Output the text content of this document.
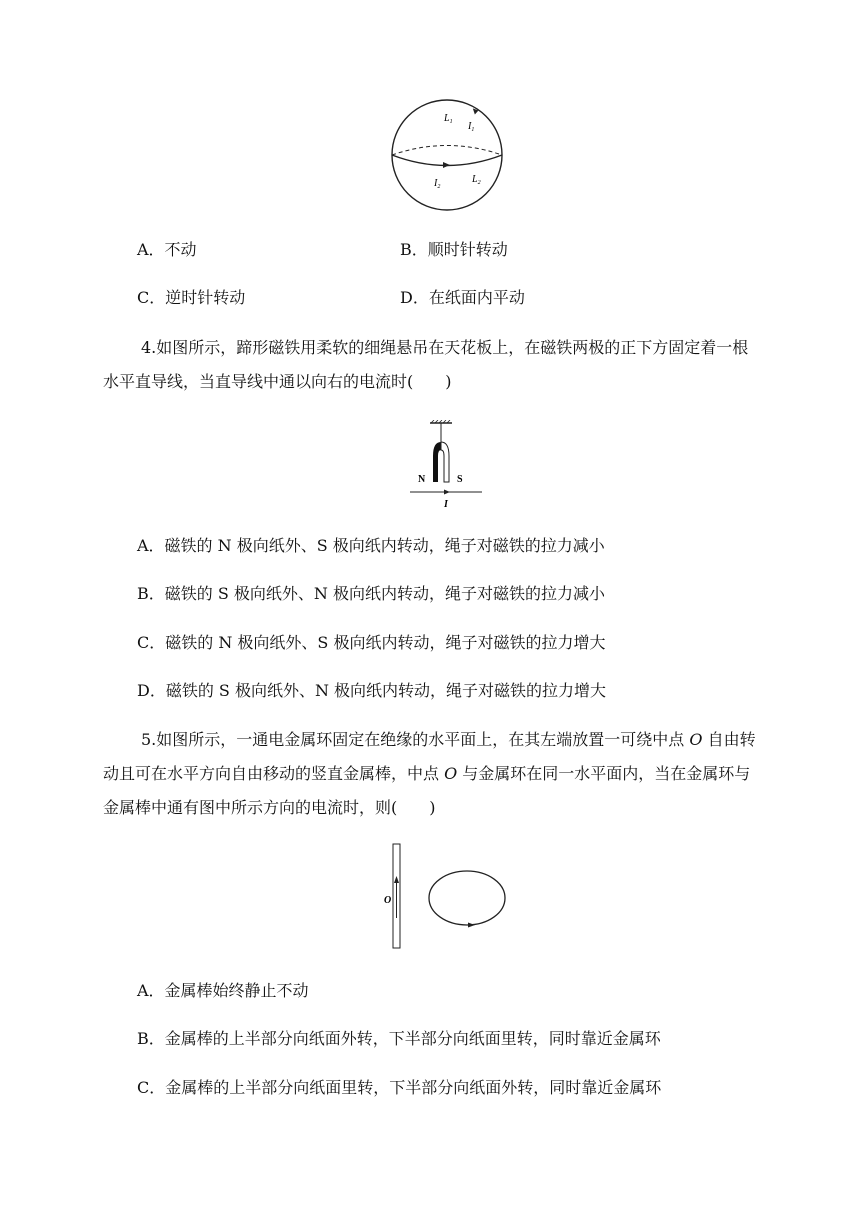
$L_1$ $I_1$
$I_2$
$L_2$
A．不动	B．顺时针转动
C．逆时针转动	D．在纸面内平动
4.如图所示，蹄形磁铁用柔软的细绳悬吊在天花板上，在磁铁两极的正下方固定着一根水平直导线，当直导线中通以向右的电流时(　　)
N	S
I
A．磁铁的 N 极向纸外、S 极向纸内转动，绳子对磁铁的拉力减小
B．磁铁的 S 极向纸外、N 极向纸内转动，绳子对磁铁的拉力减小
C．磁铁的 N 极向纸外、S 极向纸内转动，绳子对磁铁的拉力增大
D．磁铁的 S 极向纸外、N 极向纸内转动，绳子对磁铁的拉力增大
5.如图所示，一通电金属环固定在绝缘的水平面上，在其左端放置一可绕中点 O 自由转动且可在水平方向自由移动的竖直金属棒，中点 O 与金属环在同一水平面内，当在金属环与金属棒中通有图中所示方向的电流时，则(　　)
O
A．金属棒始终静止不动
B．金属棒的上半部分向纸面外转，下半部分向纸面里转，同时靠近金属环
C．金属棒的上半部分向纸面里转，下半部分向纸面外转，同时靠近金属环
